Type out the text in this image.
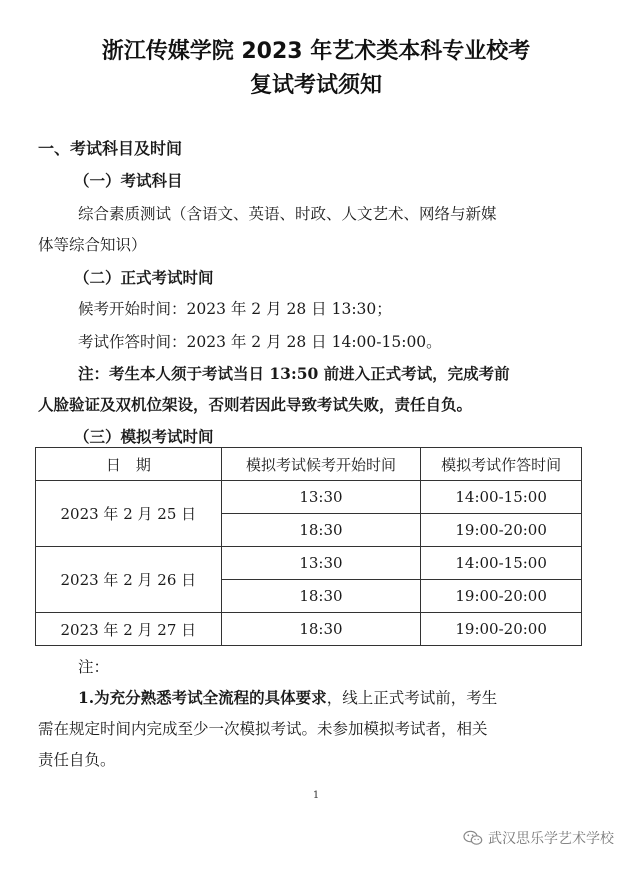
浙江传媒学院 2023 年艺术类本科专业校考
复试考试须知
一、考试科目及时间
（一）考试科目
综合素质测试（含语文、英语、时政、人文艺术、网络与新媒
体等综合知识）
（二）正式考试时间
候考开始时间：2023 年 2 月 28 日 13:30；
考试作答时间：2023 年 2 月 28 日 14:00-15:00。
注：考生本人须于考试当日 13:50 前进入正式考试，完成考前
人脸验证及双机位架设，否则若因此导致考试失败，责任自负。
（三）模拟考试时间
日　期	模拟考试候考开始时间	模拟考试作答时间
2023 年 2 月 25 日	13:30	14:00-15:00
	18:30	19:00-20:00
2023 年 2 月 26 日	13:30	14:00-15:00
	18:30	19:00-20:00
2023 年 2 月 27 日	18:30	19:00-20:00
注：
1.为充分熟悉考试全流程的具体要求，线上正式考试前，考生
需在规定时间内完成至少一次模拟考试。未参加模拟考试者，相关
责任自负。
1
武汉思乐学艺术学校
